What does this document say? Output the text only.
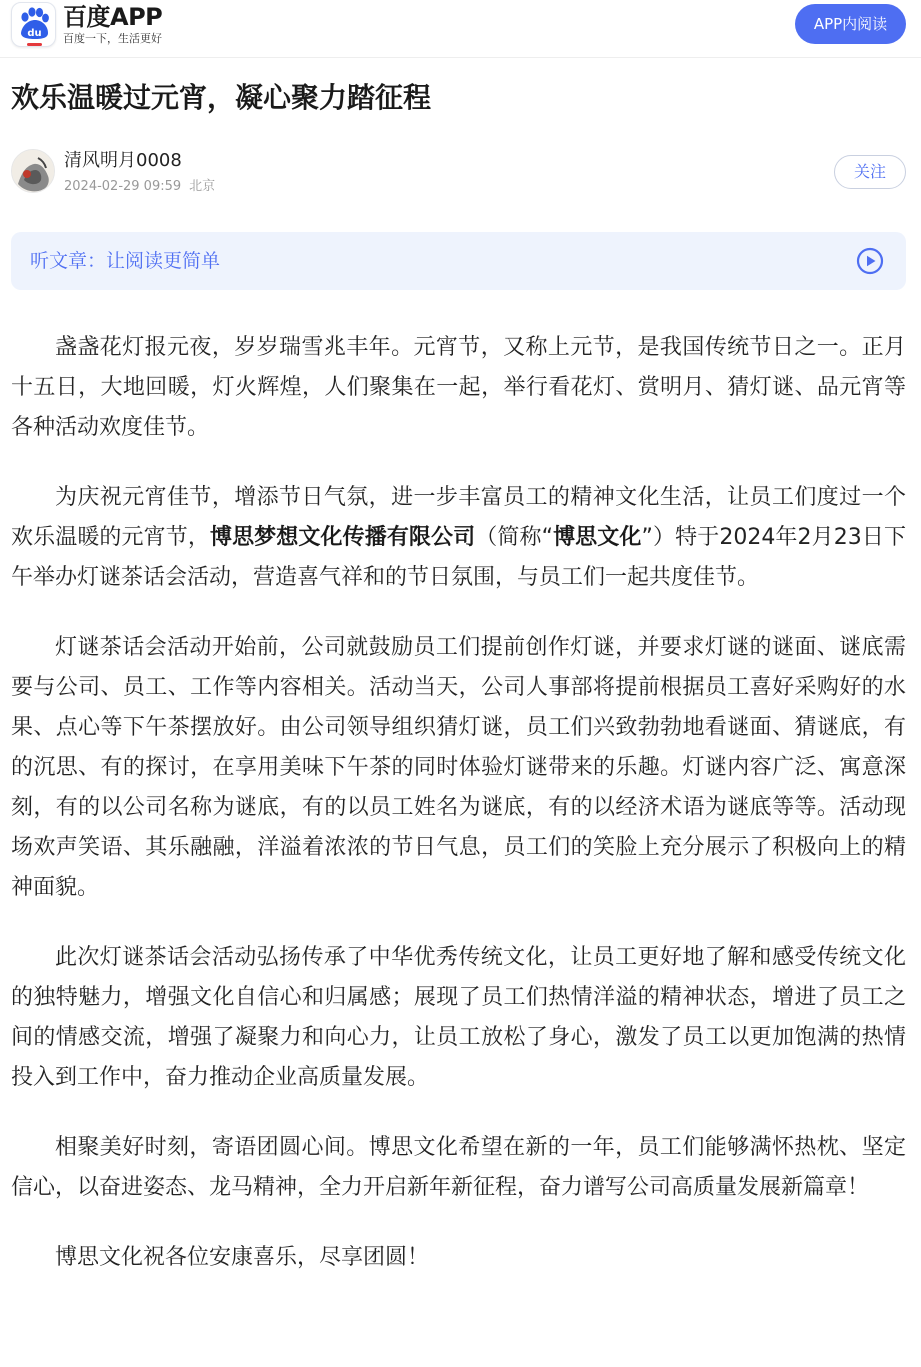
du
百度APP
百度一下，生活更好
APP内阅读
欢乐温暖过元宵，凝心聚力踏征程
清风明月0008
2024-02-29 09:59 北京
关注
听文章：让阅读更简单

盏盏花灯报元夜，岁岁瑞雪兆丰年。元宵节，又称上元节，是我国传统节日之一。正月十五日，大地回暖，灯火辉煌，人们聚集在一起，举行看花灯、赏明月、猜灯谜、品元宵等各种活动欢度佳节。

为庆祝元宵佳节，增添节日气氛，进一步丰富员工的精神文化生活，让员工们度过一个欢乐温暖的元宵节，博思梦想文化传播有限公司（简称“博思文化”）特于2024年2月23日下午举办灯谜茶话会活动，营造喜气祥和的节日氛围，与员工们一起共度佳节。

灯谜茶话会活动开始前，公司就鼓励员工们提前创作灯谜，并要求灯谜的谜面、谜底需要与公司、员工、工作等内容相关。活动当天，公司人事部将提前根据员工喜好采购好的水果、点心等下午茶摆放好。由公司领导组织猜灯谜，员工们兴致勃勃地看谜面、猜谜底，有的沉思、有的探讨，在享用美味下午茶的同时体验灯谜带来的乐趣。灯谜内容广泛、寓意深刻，有的以公司名称为谜底，有的以员工姓名为谜底，有的以经济术语为谜底等等。活动现场欢声笑语、其乐融融，洋溢着浓浓的节日气息，员工们的笑脸上充分展示了积极向上的精神面貌。

此次灯谜茶话会活动弘扬传承了中华优秀传统文化，让员工更好地了解和感受传统文化的独特魅力，增强文化自信心和归属感；展现了员工们热情洋溢的精神状态，增进了员工之间的情感交流，增强了凝聚力和向心力，让员工放松了身心，激发了员工以更加饱满的热情投入到工作中，奋力推动企业高质量发展。

相聚美好时刻，寄语团圆心间。博思文化希望在新的一年，员工们能够满怀热枕、坚定信心，以奋进姿态、龙马精神，全力开启新年新征程，奋力谱写公司高质量发展新篇章！

博思文化祝各位安康喜乐，尽享团圆！
